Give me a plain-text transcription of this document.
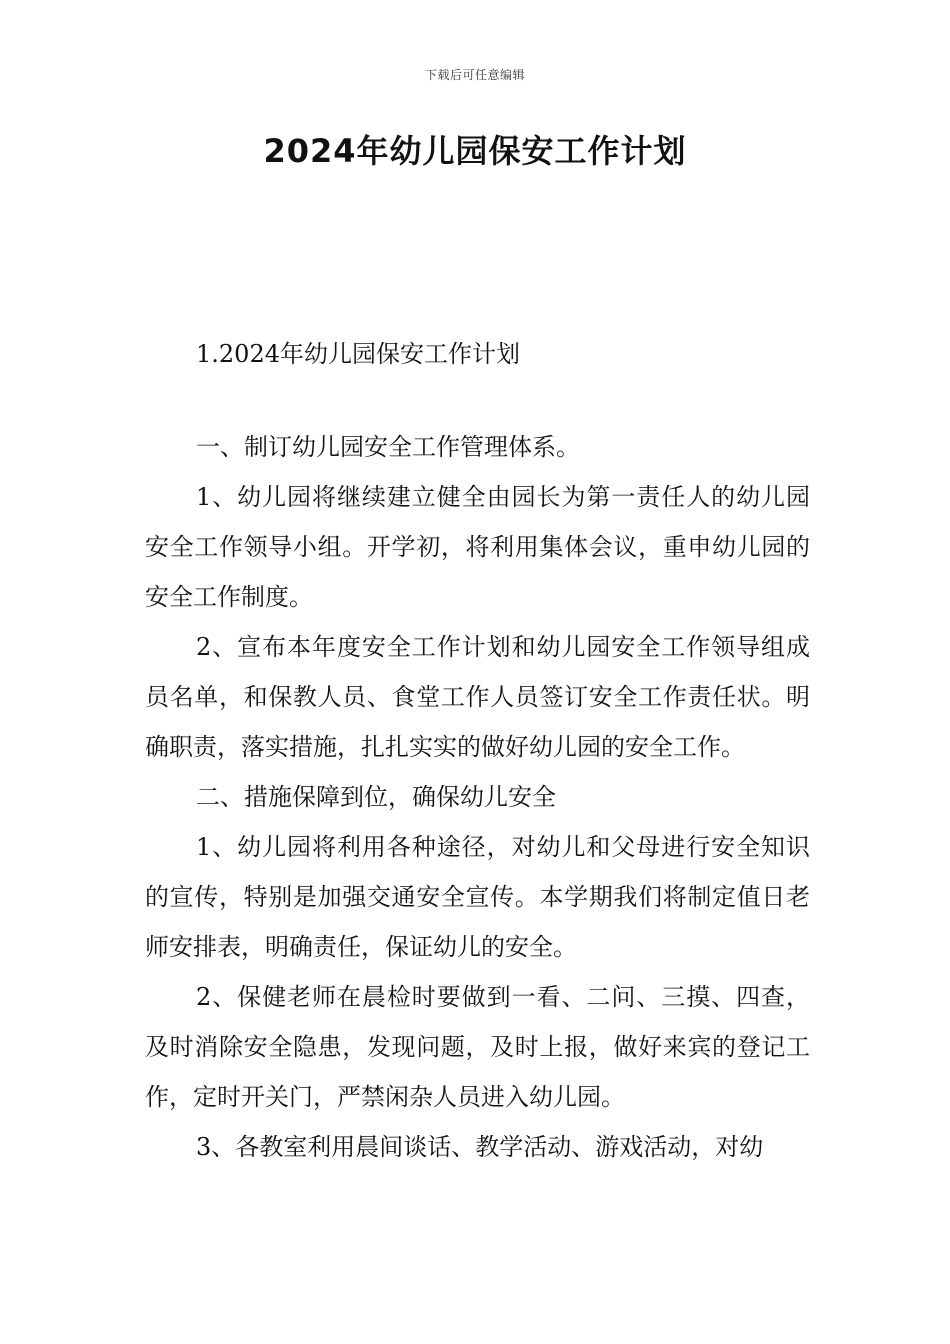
下载后可任意编辑
2024年幼儿园保安工作计划
1.2024年幼儿园保安工作计划

一、制订幼儿园安全工作管理体系。

1、幼儿园将继续建立健全由园长为第一责任人的幼儿园安全工作领导小组。开学初，将利用集体会议，重申幼儿园的安全工作制度。

2、宣布本年度安全工作计划和幼儿园安全工作领导组成员名单，和保教人员、食堂工作人员签订安全工作责任状。明确职责，落实措施，扎扎实实的做好幼儿园的安全工作。

二、措施保障到位，确保幼儿安全

1、幼儿园将利用各种途径，对幼儿和父母进行安全知识的宣传，特别是加强交通安全宣传。本学期我们将制定值日老师安排表，明确责任，保证幼儿的安全。

2、保健老师在晨检时要做到一看、二问、三摸、四查，及时消除安全隐患，发现问题，及时上报，做好来宾的登记工作，定时开关门，严禁闲杂人员进入幼儿园。

3、各教室利用晨间谈话、教学活动、游戏活动，对幼
